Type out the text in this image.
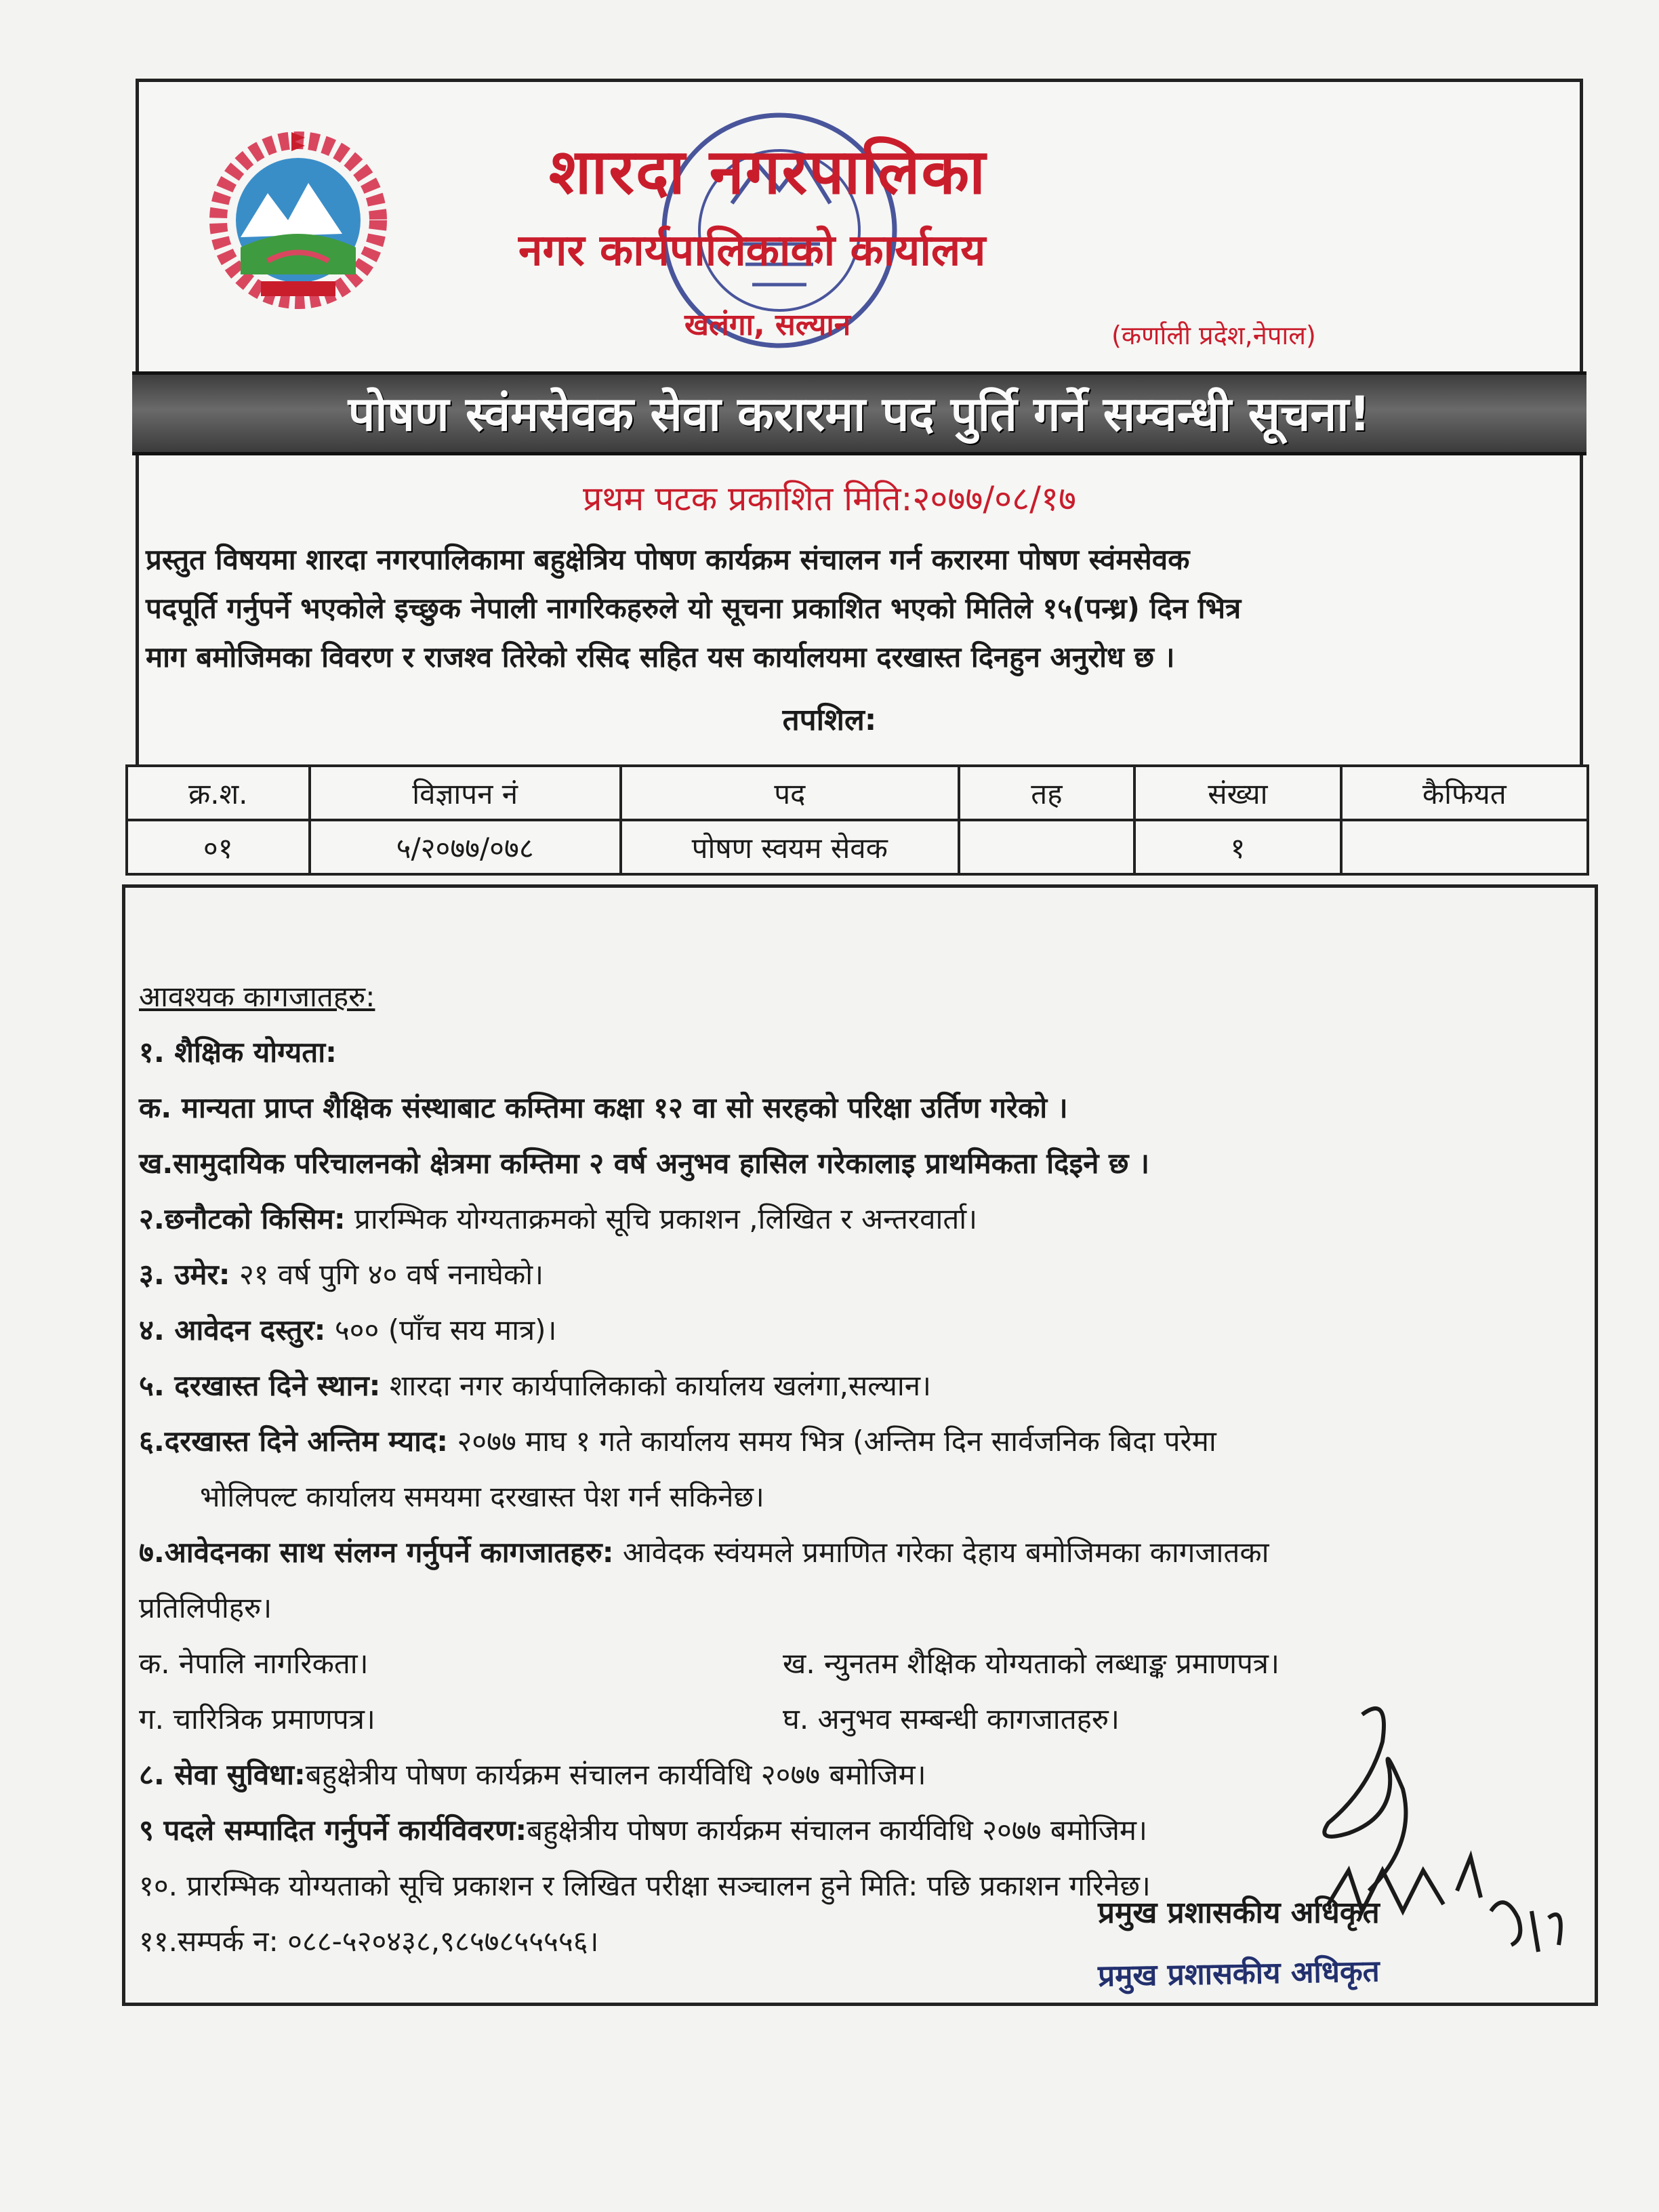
शारदा नगरपालिका
नगर कार्यपालिकाको कार्यालय
खलंगा, सल्यान	(कर्णाली प्रदेश,नेपाल)
पोषण स्वंमसेवक सेवा करारमा पद पुर्ति गर्ने सम्वन्धी सूचना!
प्रथम पटक प्रकाशित मिति:२०७७/०८/१७
प्रस्तुत विषयमा शारदा नगरपालिकामा बहुक्षेत्रिय पोषण कार्यक्रम संचालन गर्न करारमा पोषण स्वंमसेवक
पदपूर्ति गर्नुपर्ने भएकोले इच्छुक नेपाली नागरिकहरुले यो सूचना प्रकाशित भएको मितिले १५(पन्ध्र) दिन भित्र
माग बमोजिमका विवरण र राजश्व तिरेको रसिद सहित यस कार्यालयमा दरखास्त दिनहुन अनुरोध छ ।
तपशिल:
क्र.श.	विज्ञापन नं	पद	तह	संख्या	कैफियत
०१	५/२०७७/०७८	पोषण स्वयम सेवक		१	
आवश्यक कागजातहरु:
१. शैक्षिक योग्यता:
क. मान्यता प्राप्त शैक्षिक संस्थाबाट कम्तिमा कक्षा १२ वा सो सरहको परिक्षा उर्तिण गरेको ।
ख.सामुदायिक परिचालनको क्षेत्रमा कम्तिमा २ वर्ष अनुभव हासिल गरेकालाइ प्राथमिकता दिइने छ ।
२.छनौटको किसिम: प्रारम्भिक योग्यताक्रमको सूचि प्रकाशन ,लिखित र अन्तरवार्ता।
३. उमेर: २१ वर्ष पुगि ४० वर्ष ननाघेको।
४. आवेदन दस्तुर: ५०० (पाँच सय मात्र)।
५. दरखास्त दिने स्थान: शारदा नगर कार्यपालिकाको कार्यालय खलंगा,सल्यान।
६.दरखास्त दिने अन्तिम म्याद: २०७७ माघ १ गते कार्यालय समय भित्र (अन्तिम दिन सार्वजनिक बिदा परेमा
भोलिपल्ट कार्यालय समयमा दरखास्त पेश गर्न सकिनेछ।
७.आवेदनका साथ संलग्न गर्नुपर्ने कागजातहरु: आवेदक स्वंयमले प्रमाणित गरेका देहाय बमोजिमका कागजातका
प्रतिलिपीहरु।
क. नेपालि नागरिकता।	ख. न्युनतम शैक्षिक योग्यताको लब्धाङ्क प्रमाणपत्र।
ग. चारित्रिक प्रमाणपत्र।	घ. अनुभव सम्बन्धी कागजातहरु।
८. सेवा सुविधा:बहुक्षेत्रीय पोषण कार्यक्रम संचालन कार्यविधि २०७७ बमोजिम।
९ पदले सम्पादित गर्नुपर्ने कार्यविवरण:बहुक्षेत्रीय पोषण कार्यक्रम संचालन कार्यविधि २०७७ बमोजिम।
१०. प्रारम्भिक योग्यताको सूचि प्रकाशन र लिखित परीक्षा सञ्चालन हुने मिति: पछि प्रकाशन गरिनेछ।
११.सम्पर्क न: ०८८-५२०४३८,९८५७८५५५५६।
प्रमुख प्रशासकीय अधिकृत
प्रमुख प्रशासकीय अधिकृत
